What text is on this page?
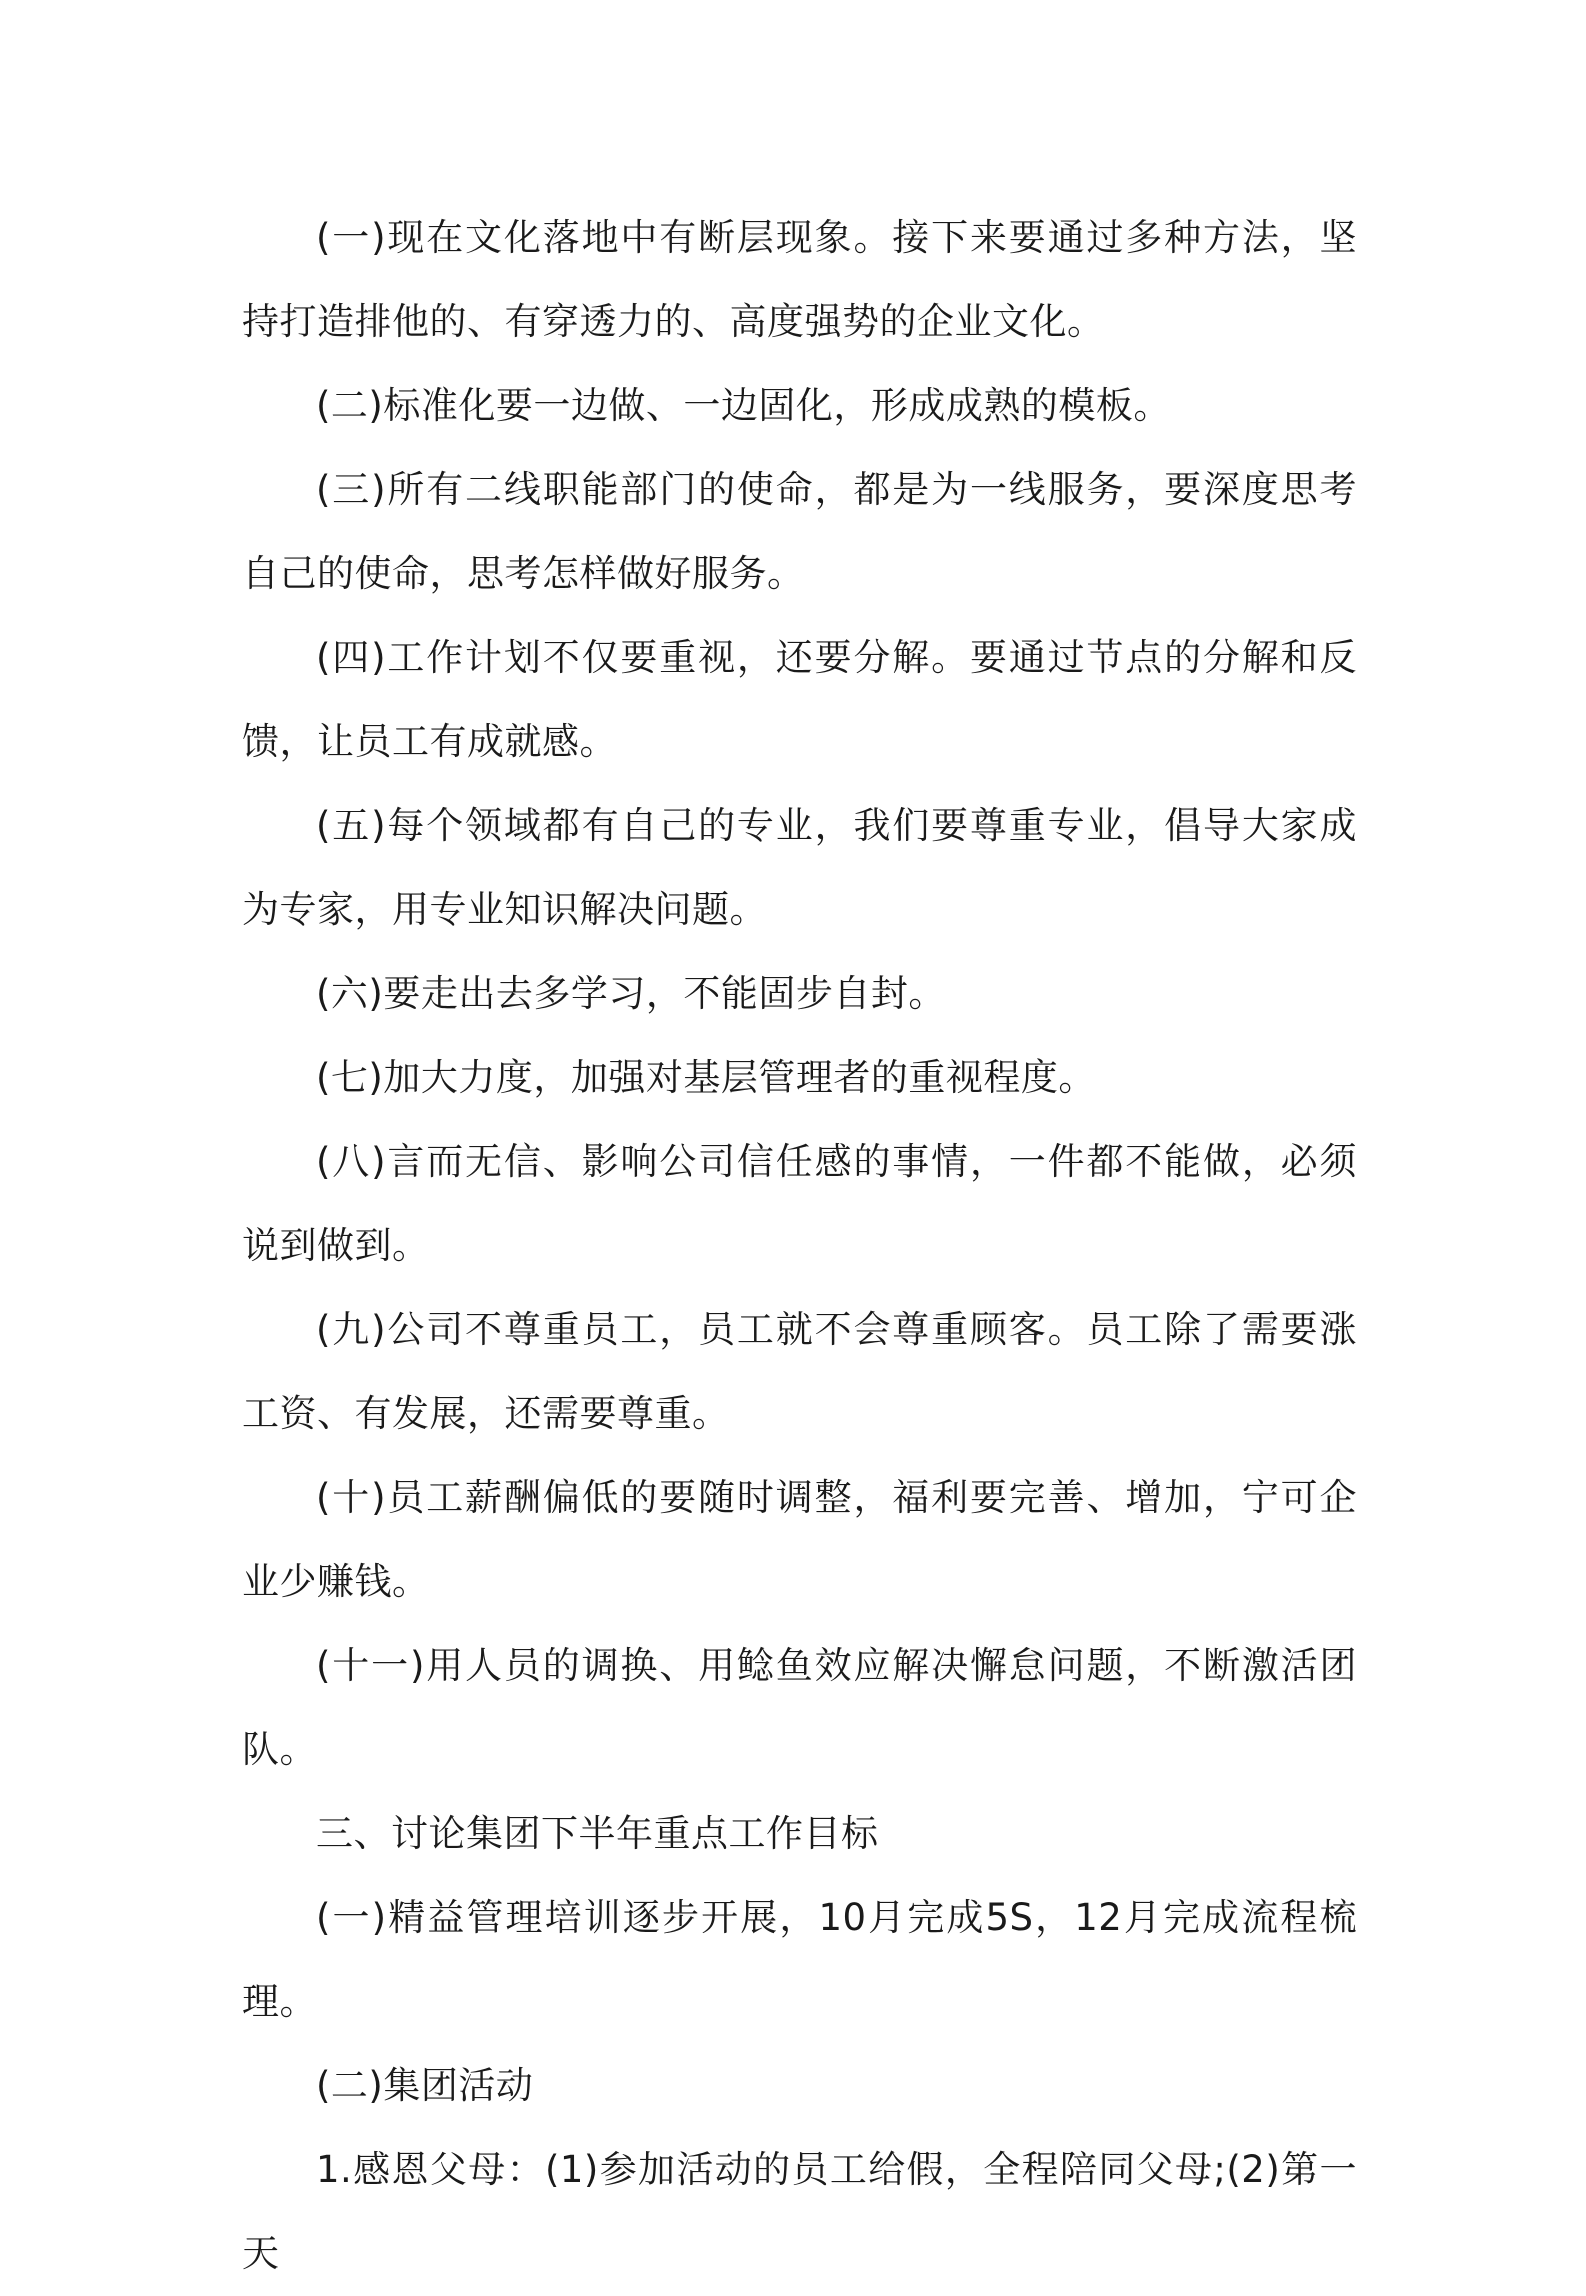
(一)现在文化落地中有断层现象。接下来要通过多种方法，坚持打造排他的、有穿透力的、高度强势的企业文化。

(二)标准化要一边做、一边固化，形成成熟的模板。

(三)所有二线职能部门的使命，都是为一线服务，要深度思考自己的使命，思考怎样做好服务。

(四)工作计划不仅要重视，还要分解。要通过节点的分解和反馈，让员工有成就感。

(五)每个领域都有自己的专业，我们要尊重专业，倡导大家成为专家，用专业知识解决问题。

(六)要走出去多学习，不能固步自封。

(七)加大力度，加强对基层管理者的重视程度。

(八)言而无信、影响公司信任感的事情，一件都不能做，必须说到做到。

(九)公司不尊重员工，员工就不会尊重顾客。员工除了需要涨工资、有发展，还需要尊重。

(十)员工薪酬偏低的要随时调整，福利要完善、增加，宁可企业少赚钱。

(十一)用人员的调换、用鲶鱼效应解决懈怠问题，不断激活团队。

三、讨论集团下半年重点工作目标

(一)精益管理培训逐步开展，10月完成5S，12月完成流程梳理。

(二)集团活动

1.感恩父母：(1)参加活动的员工给假，全程陪同父母;(2)第一天
